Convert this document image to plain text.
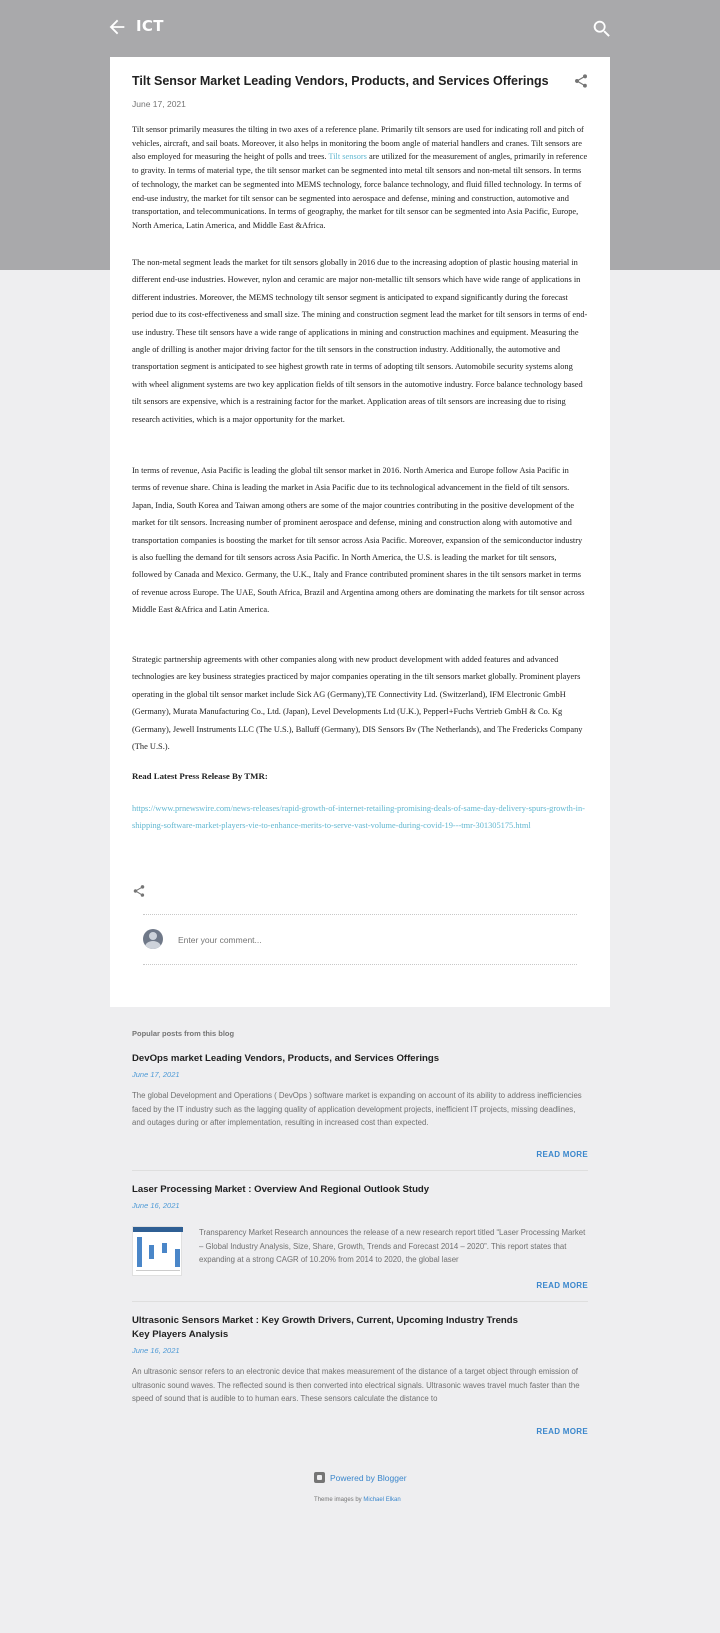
ICT
Tilt Sensor Market Leading Vendors, Products, and Services Offerings
June 17, 2021
Tilt sensor primarily measures the tilting in two axes of a reference plane. Primarily tilt sensors are used for indicating roll and pitch of vehicles, aircraft, and sail boats. Moreover, it also helps in monitoring the boom angle of material handlers and cranes. Tilt sensors are also employed for measuring the height of polls and trees. Tilt sensors are utilized for the measurement of angles, primarily in reference to gravity. In terms of material type, the tilt sensor market can be segmented into metal tilt sensors and non-metal tilt sensors. In terms of technology, the market can be segmented into MEMS technology, force balance technology, and fluid filled technology. In terms of end-use industry, the market for tilt sensor can be segmented into aerospace and defense, mining and construction, automotive and transportation, and telecommunications. In terms of geography, the market for tilt sensor can be segmented into Asia Pacific, Europe, North America, Latin America, and Middle East &Africa.
The non-metal segment leads the market for tilt sensors globally in 2016 due to the increasing adoption of plastic housing material in different end-use industries. However, nylon and ceramic are major non-metallic tilt sensors which have wide range of applications in different industries. Moreover, the MEMS technology tilt sensor segment is anticipated to expand significantly during the forecast period due to its cost-effectiveness and small size. The mining and construction segment lead the market for tilt sensors in terms of end-use industry. These tilt sensors have a wide range of applications in mining and construction machines and equipment. Measuring the angle of drilling is another major driving factor for the tilt sensors in the construction industry. Additionally, the automotive and transportation segment is anticipated to see highest growth rate in terms of adopting tilt sensors. Automobile security systems along with wheel alignment systems are two key application fields of tilt sensors in the automotive industry. Force balance technology based tilt sensors are expensive, which is a restraining factor for the market. Application areas of tilt sensors are increasing due to rising research activities, which is a major opportunity for the market.
In terms of revenue, Asia Pacific is leading the global tilt sensor market in 2016. North America and Europe follow Asia Pacific in terms of revenue share. China is leading the market in Asia Pacific due to its technological advancement in the field of tilt sensors. Japan, India, South Korea and Taiwan among others are some of the major countries contributing in the positive development of the market for tilt sensors. Increasing number of prominent aerospace and defense, mining and construction along with automotive and transportation companies is boosting the market for tilt sensor across Asia Pacific. Moreover, expansion of the semiconductor industry is also fuelling the demand for tilt sensors across Asia Pacific. In North America, the U.S. is leading the market for tilt sensors, followed by Canada and Mexico. Germany, the U.K., Italy and France contributed prominent shares in the tilt sensors market in terms of revenue across Europe. The UAE, South Africa, Brazil and Argentina among others are dominating the markets for tilt sensor across Middle East &Africa and Latin America.
Strategic partnership agreements with other companies along with new product development with added features and advanced technologies are key business strategies practiced by major companies operating in the tilt sensors market globally. Prominent players operating in the global tilt sensor market include Sick AG (Germany),TE Connectivity Ltd. (Switzerland), IFM Electronic GmbH (Germany), Murata Manufacturing Co., Ltd. (Japan), Level Developments Ltd (U.K.), Pepperl+Fuchs Vertrieb GmbH & Co. Kg (Germany), Jewell Instruments LLC (The U.S.), Balluff (Germany), DIS Sensors Bv (The Netherlands), and The Fredericks Company (The U.S.).
Read Latest Press Release By TMR:
https://www.prnewswire.com/news-releases/rapid-growth-of-internet-retailing-promising-deals-of-same-day-delivery-spurs-growth-in-shipping-software-market-players-vie-to-enhance-merits-to-serve-vast-volume-during-covid-19---tmr-301305175.html
Enter your comment...
Popular posts from this blog
DevOps market Leading Vendors, Products, and Services Offerings
June 17, 2021
The global Development and Operations ( DevOps ) software market is expanding on account of its ability to address inefficiencies faced by the IT industry such as the lagging quality of application development projects, inefficient IT projects, missing deadlines, and outages during or after implementation, resulting in increased cost than expected.
READ MORE
Laser Processing Market : Overview And Regional Outlook Study
June 16, 2021
Transparency Market Research announces the release of a new research report titled “Laser Processing Market – Global Industry Analysis, Size, Share, Growth, Trends and Forecast 2014 – 2020”. This report states that expanding at a strong CAGR of 10.20% from 2014 to 2020, the global laser
READ MORE
Ultrasonic Sensors Market : Key Growth Drivers, Current, Upcoming Industry Trends Key Players Analysis
June 16, 2021
An ultrasonic sensor refers to an electronic device that makes measurement of the distance of a target object through emission of ultrasonic sound waves. The reflected sound is then converted into electrical signals. Ultrasonic waves travel much faster than the speed of sound that is audible to to human ears. These sensors calculate the distance to
READ MORE
Powered by Blogger
Theme images by Michael Elkan
